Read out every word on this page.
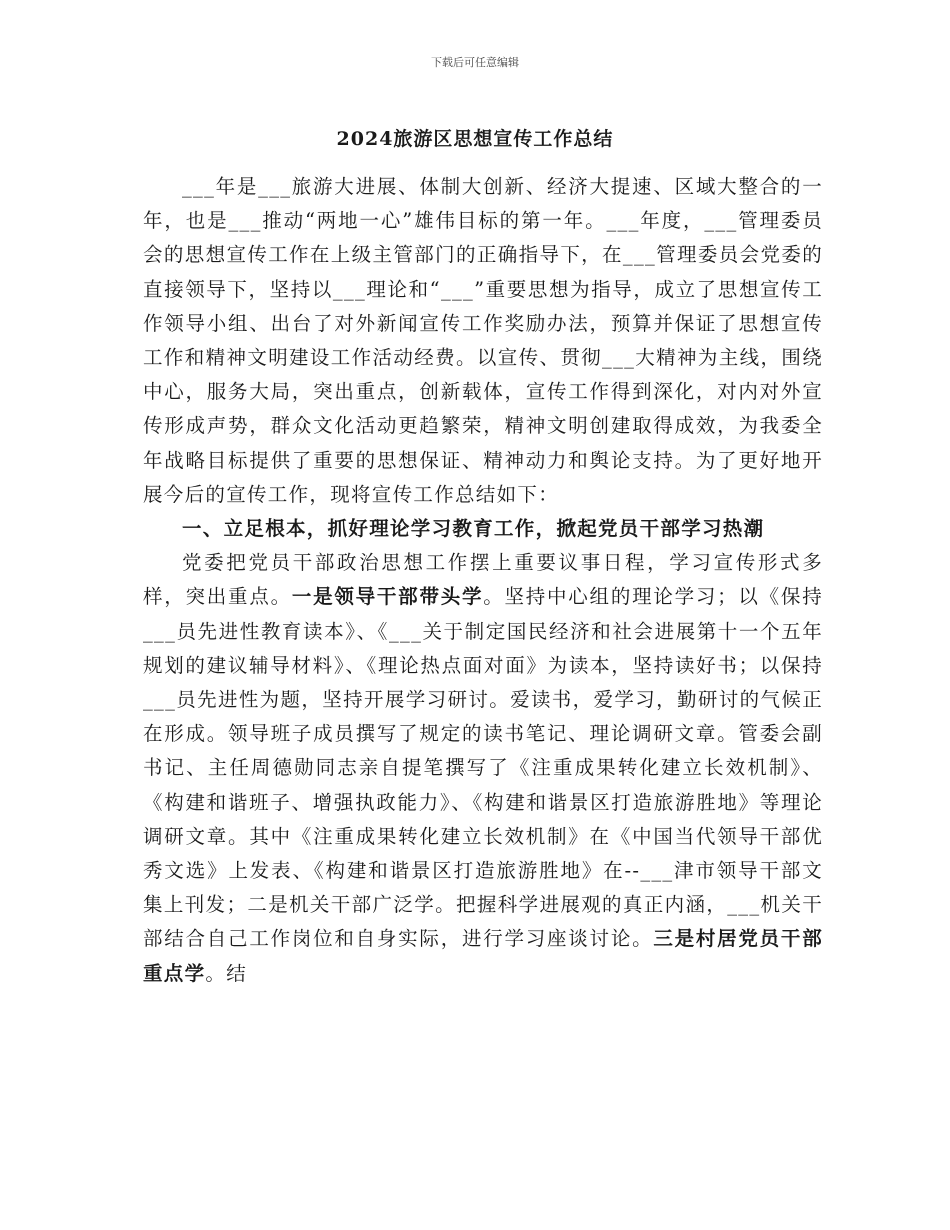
下载后可任意编辑
2024旅游区思想宣传工作总结

___年是___旅游大进展、体制大创新、经济大提速、区域大整合的一年，也是___推动“两地一心”雄伟目标的第一年。___年度，___管理委员会的思想宣传工作在上级主管部门的正确指导下，在___管理委员会党委的直接领导下，坚持以___理论和“___”重要思想为指导，成立了思想宣传工作领导小组、出台了对外新闻宣传工作奖励办法，预算并保证了思想宣传工作和精神文明建设工作活动经费。以宣传、贯彻___大精神为主线，围绕中心，服务大局，突出重点，创新载体，宣传工作得到深化，对内对外宣传形成声势，群众文化活动更趋繁荣，精神文明创建取得成效，为我委全年战略目标提供了重要的思想保证、精神动力和舆论支持。为了更好地开展今后的宣传工作，现将宣传工作总结如下：

一、立足根本，抓好理论学习教育工作，掀起党员干部学习热潮

党委把党员干部政治思想工作摆上重要议事日程，学习宣传形式多样，突出重点。一是领导干部带头学。坚持中心组的理论学习；以《保持___员先进性教育读本》、《___关于制定国民经济和社会进展第十一个五年规划的建议辅导材料》、《理论热点面对面》为读本，坚持读好书；以保持___员先进性为题，坚持开展学习研讨。爱读书，爱学习，勤研讨的气候正在形成。领导班子成员撰写了规定的读书笔记、理论调研文章。管委会副书记、主任周德勋同志亲自提笔撰写了《注重成果转化建立长效机制》、《构建和谐班子、增强执政能力》、《构建和谐景区打造旅游胜地》等理论调研文章。其中《注重成果转化建立长效机制》在《中国当代领导干部优秀文选》上发表、《构建和谐景区打造旅游胜地》在--___津市领导干部文集上刊发；二是机关干部广泛学。把握科学进展观的真正内涵，___机关干部结合自己工作岗位和自身实际，进行学习座谈讨论。三是村居党员干部重点学。结
